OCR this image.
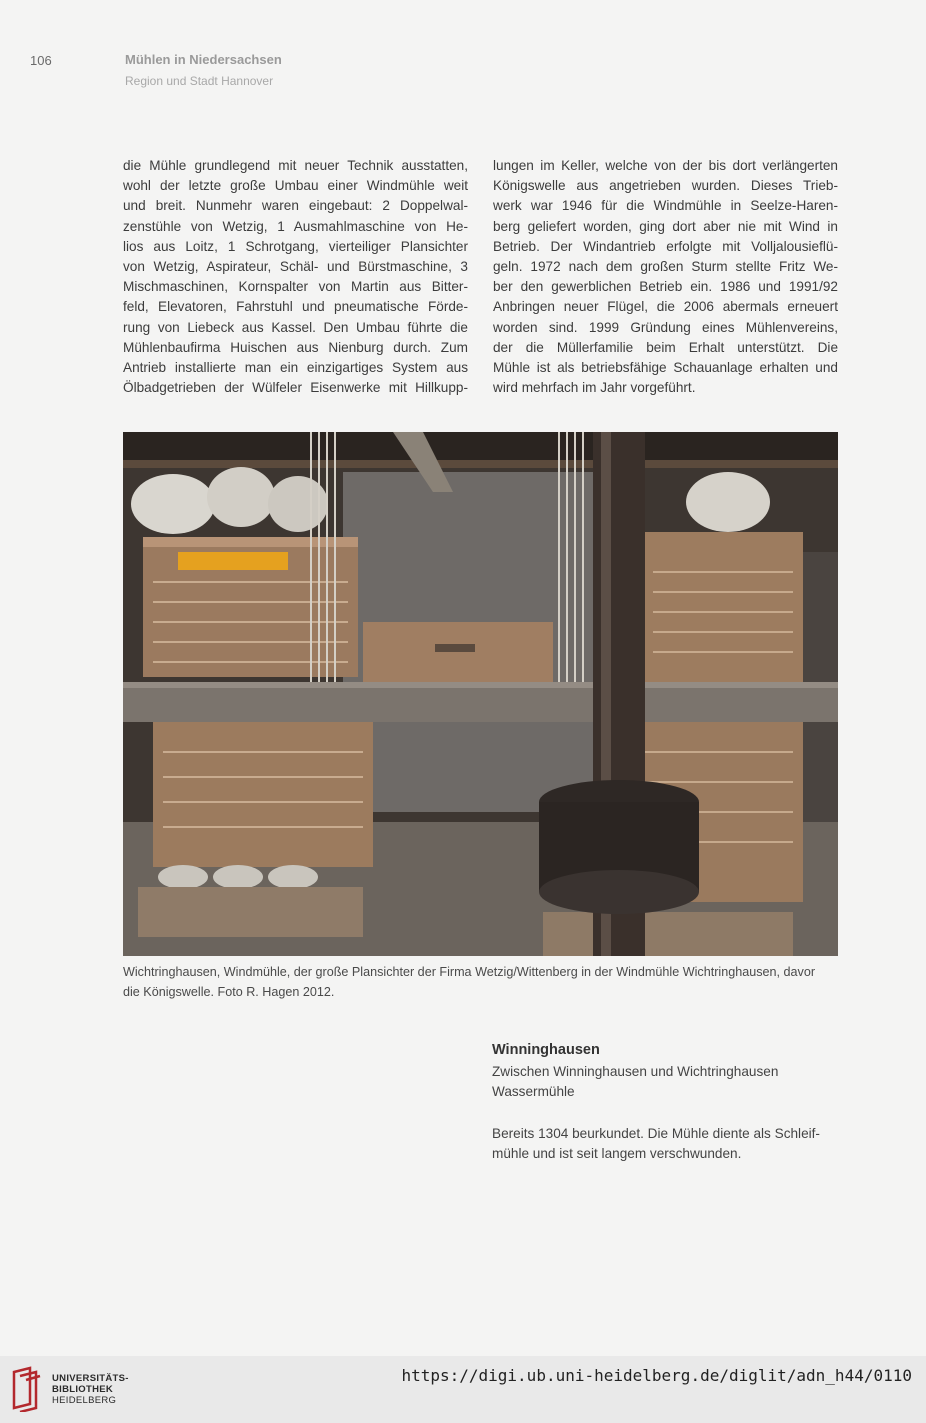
106	Mühlen in Niedersachsen
Region und Stadt Hannover
die Mühle grundlegend mit neuer Technik ausstatten,
wohl der letzte große Umbau einer Windmühle weit
und breit. Nunmehr waren eingebaut: 2 Doppelwal-
zenstühle von Wetzig, 1 Ausmahlmaschine von He-
lios aus Loitz, 1 Schrotgang, vierteiliger Plansichter
von Wetzig, Aspirateur, Schäl- und Bürstmaschine, 3
Mischmaschinen, Kornspalter von Martin aus Bitter-
feld, Elevatoren, Fahrstuhl und pneumatische Förde-
rung von Liebeck aus Kassel. Den Umbau führte die
Mühlenbaufirma Huischen aus Nienburg durch. Zum
Antrieb installierte man ein einzigartiges System aus
Ölbadgetrieben der Wülfeler Eisenwerke mit Hillkupp-
lungen im Keller, welche von der bis dort verlängerten
Königswelle aus angetrieben wurden. Dieses Trieb-
werk war 1946 für die Windmühle in Seelze-Haren-
berg geliefert worden, ging dort aber nie mit Wind in
Betrieb. Der Windantrieb erfolgte mit Volljalousieflü-
geln. 1972 nach dem großen Sturm stellte Fritz We-
ber den gewerblichen Betrieb ein. 1986 und 1991/92
Anbringen neuer Flügel, die 2006 abermals erneuert
worden sind. 1999 Gründung eines Mühlenvereins,
der die Müllerfamilie beim Erhalt unterstützt. Die
Mühle ist als betriebsfähige Schauanlage erhalten und
wird mehrfach im Jahr vorgeführt.
Wichtringhausen, Windmühle, der große Plansichter der Firma Wetzig/Wittenberg in der Windmühle Wichtringhausen, davor
die Königswelle. Foto R. Hagen 2012.
Winninghausen
Zwischen Winninghausen und Wichtringhausen
Wassermühle
Bereits 1304 beurkundet. Die Mühle diente als Schleif-
mühle und ist seit langem verschwunden.
UNIVERSITÄTS-
BIBLIOTHEK
HEIDELBERG
https://digi.ub.uni-heidelberg.de/diglit/adn_h44/0110
